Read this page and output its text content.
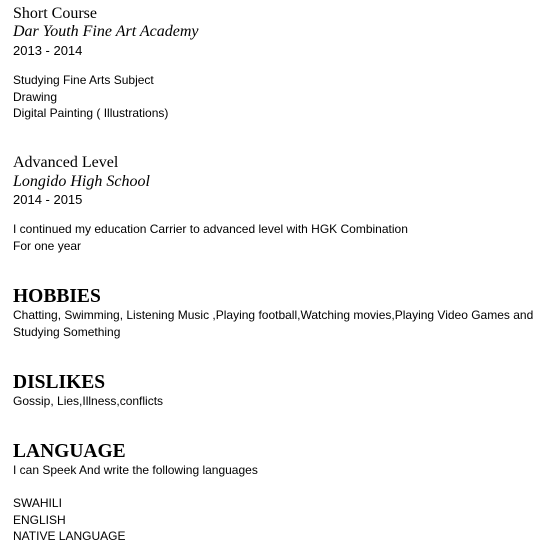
Short Course
Dar Youth Fine Art Academy
2013 - 2014
Studying Fine Arts Subject
Drawing
Digital Painting ( Illustrations)
Advanced Level
Longido High School
2014 - 2015
I continued my education Carrier to advanced level with HGK Combination
For one year
HOBBIES
Chatting, Swimming, Listening Music ,Playing football,Watching movies,Playing Video Games and Studying Something
DISLIKES
Gossip, Lies,Illness,conflicts
LANGUAGE
I can Speek And write the following languages
SWAHILI
ENGLISH
NATIVE LANGUAGE
